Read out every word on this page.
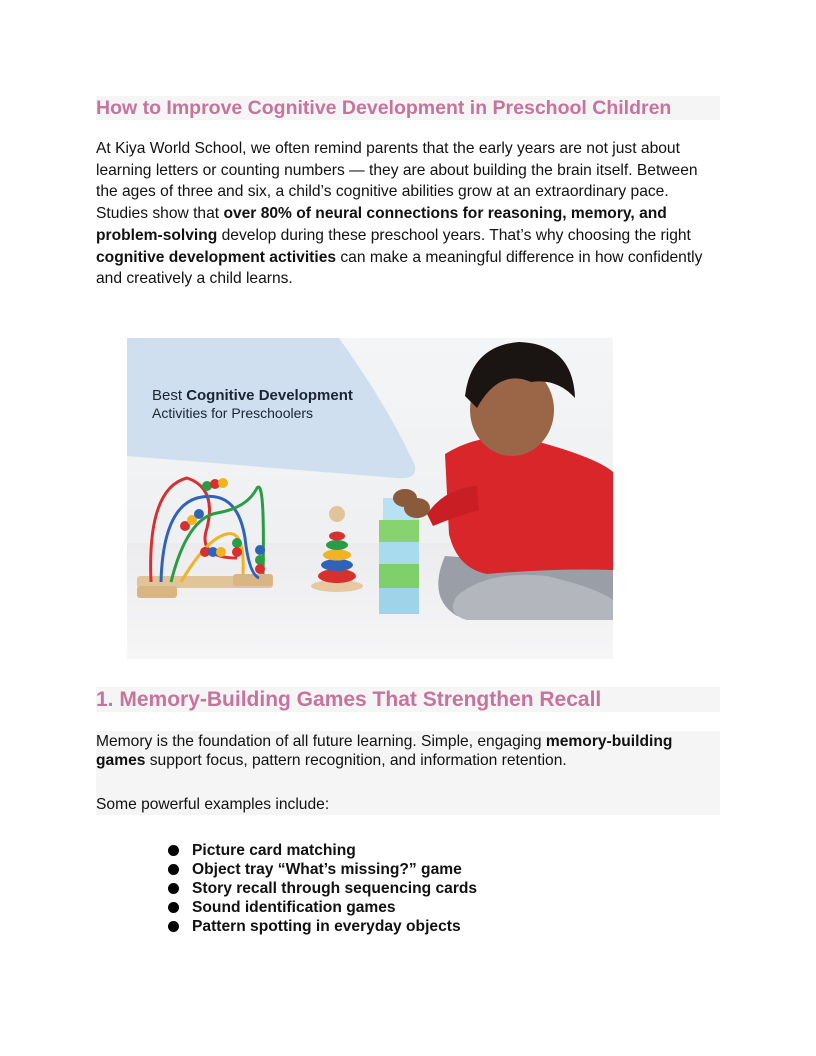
How to Improve Cognitive Development in Preschool Children
At Kiya World School, we often remind parents that the early years are not just about learning letters or counting numbers — they are about building the brain itself. Between the ages of three and six, a child’s cognitive abilities grow at an extraordinary pace. Studies show that over 80% of neural connections for reasoning, memory, and problem-solving develop during these preschool years. That’s why choosing the right cognitive development activities can make a meaningful difference in how confidently and creatively a child learns.
Best Cognitive Development
Activities for Preschoolers
1. Memory-Building Games That Strengthen Recall
Memory is the foundation of all future learning. Simple, engaging memory-building games support focus, pattern recognition, and information retention.
Some powerful examples include:
Picture card matching
Object tray “What’s missing?” game
Story recall through sequencing cards
Sound identification games
Pattern spotting in everyday objects
